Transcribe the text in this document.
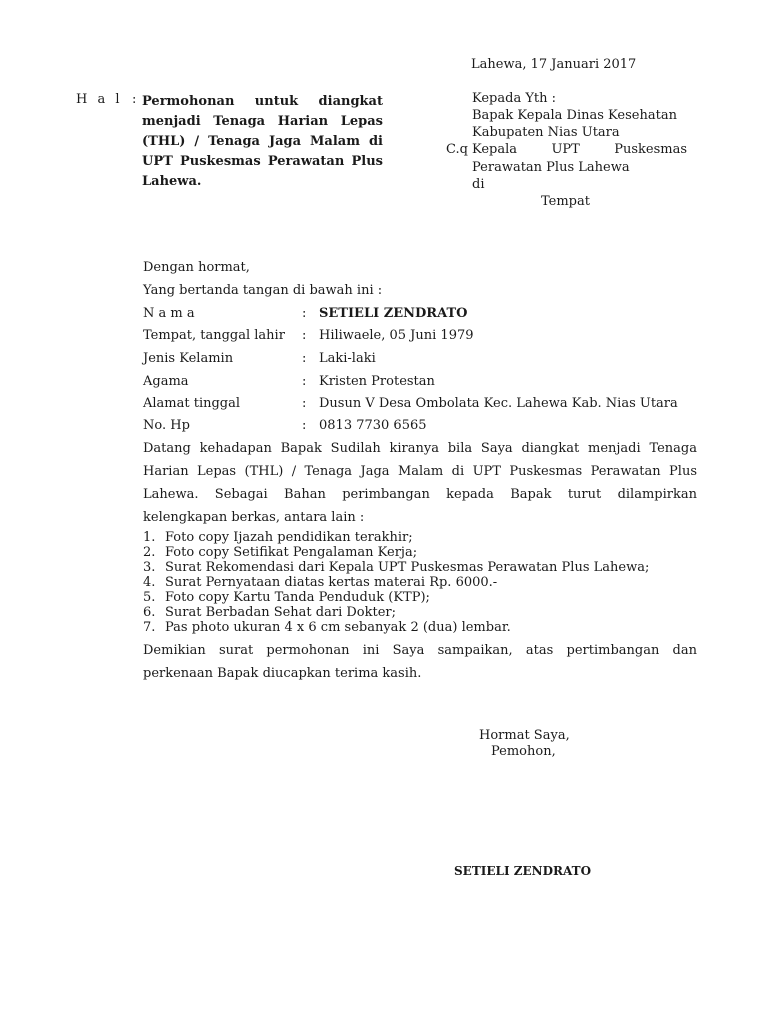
Lahewa, 17 Januari 2017
H a l : Permohonan untuk diangkat
menjadi Tenaga Harian Lepas
(THL) / Tenaga Jaga Malam di
UPT Puskesmas Perawatan Plus
Lahewa.
Kepada Yth :
Bapak Kepala Dinas Kesehatan
Kabupaten Nias Utara
C.q Kepala	UPT	Puskesmas
Perawatan Plus Lahewa
di
Tempat
Dengan hormat,
Yang bertanda tangan di bawah ini :
N a m a	: SETIELI ZENDRATO
Tempat, tanggal lahir : Hiliwaele, 05 Juni 1979
Jenis Kelamin	: Laki-laki
Agama	: Kristen Protestan
Alamat tinggal	: Dusun V Desa Ombolata Kec. Lahewa Kab. Nias Utara
No. Hp	: 0813 7730 6565
Datang kehadapan Bapak Sudilah kiranya bila Saya diangkat menjadi Tenaga
Harian Lepas (THL) / Tenaga Jaga Malam di UPT Puskesmas Perawatan Plus
Lahewa. Sebagai Bahan perimbangan kepada Bapak turut dilampirkan
kelengkapan berkas, antara lain :
1. Foto copy Ijazah pendidikan terakhir;
2. Foto copy Setifikat Pengalaman Kerja;
3. Surat Rekomendasi dari Kepala UPT Puskesmas Perawatan Plus Lahewa;
4. Surat Pernyataan diatas kertas materai Rp. 6000.-
5. Foto copy Kartu Tanda Penduduk (KTP);
6. Surat Berbadan Sehat dari Dokter;
7. Pas photo ukuran 4 x 6 cm sebanyak 2 (dua) lembar.
Demikian surat permohonan ini Saya sampaikan, atas pertimbangan dan
perkenaan Bapak diucapkan terima kasih.
Hormat Saya,
Pemohon,
SETIELI ZENDRATO
